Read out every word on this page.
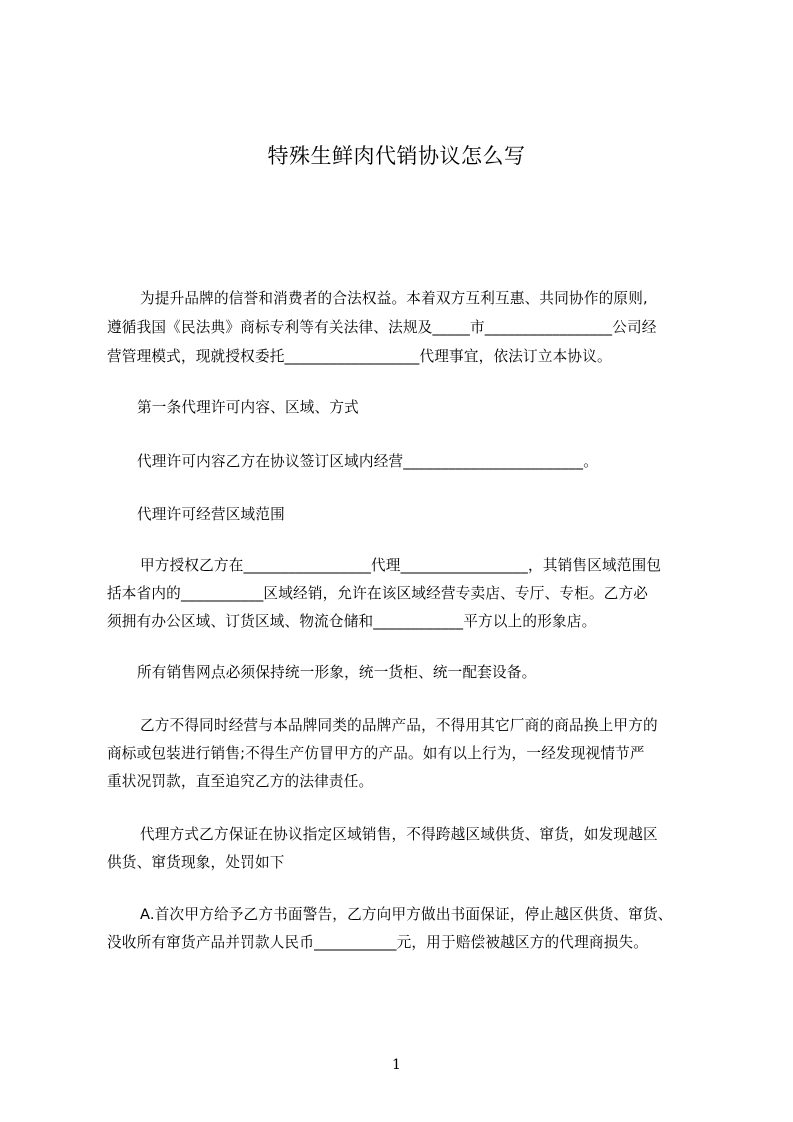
特殊生鲜肉代销协议怎么写
为提升品牌的信誉和消费者的合法权益。本着双方互利互惠、共同协作的原则,
遵循我国《民法典》商标专利等有关法律、法规及_____市_________________公司经
营管理模式，现就授权委托__________________代理事宜，依法订立本协议。
第一条代理许可内容、区域、方式
代理许可内容乙方在协议签订区域内经营________________________。
代理许可经营区域范围
甲方授权乙方在_________________代理_________________，其销售区域范围包
括本省内的___________区域经销，允许在该区域经营专卖店、专厅、专柜。乙方必
须拥有办公区域、订货区域、物流仓储和____________平方以上的形象店。
所有销售网点必须保持统一形象，统一货柜、统一配套设备。
乙方不得同时经营与本品牌同类的品牌产品，不得用其它厂商的商品换上甲方的
商标或包装进行销售;不得生产仿冒甲方的产品。如有以上行为，一经发现视情节严
重状况罚款，直至追究乙方的法律责任。
代理方式乙方保证在协议指定区域销售，不得跨越区域供货、窜货，如发现越区
供货、窜货现象，处罚如下
A.首次甲方给予乙方书面警告，乙方向甲方做出书面保证，停止越区供货、窜货、
没收所有窜货产品并罚款人民币___________元，用于赔偿被越区方的代理商损失。
1
